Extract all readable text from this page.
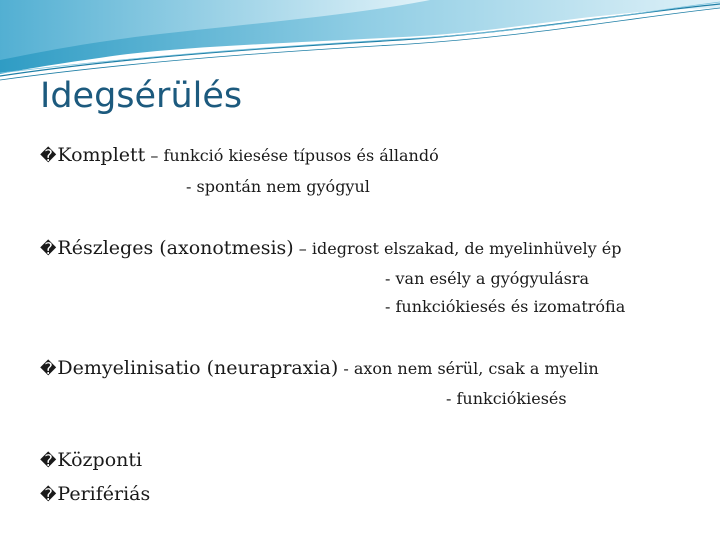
Idegsérülés
�Komplett – funkció kiesése típusos és állandó
- spontán nem gyógyul
�Részleges (axonotmesis) – idegrost elszakad, de myelinhüvely ép
- van esély a gyógyulásra
- funkciókiesés és izomatrófia
�Demyelinisatio (neurapraxia) - axon nem sérül, csak a myelin
- funkciókiesés
�Központi
�Perifériás
